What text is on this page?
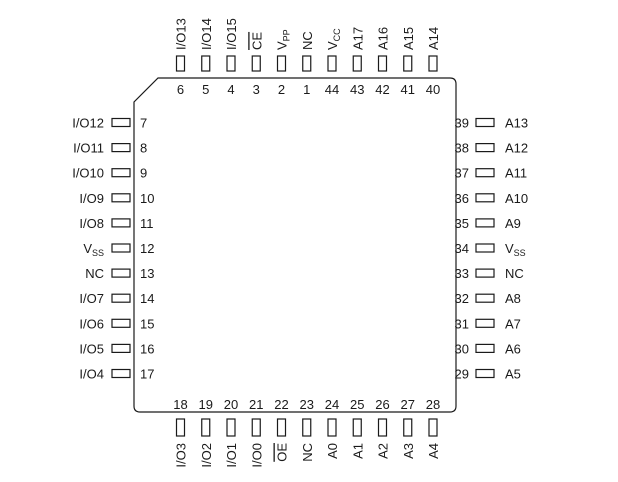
6
I/O13
5
I/O14
4
I/O15
3
CE
2
$V_{PP}$
1
NC
44
$V_{CC}$
43
A17
42
A16
41
A15
40
A14
18
I/O3
19
I/O2
20
I/O1
21
I/O0
22
OE
23
NC
24
A0
25
A1
26
A2
27
A3
28
A4
7
I/O12
8
I/O11
9
I/O10
10
I/O9
11
I/O8
12
$V_{SS}$
13
NC
14
I/O7
15
I/O6
16
I/O5
17
I/O4
39	A13
38	A12
37	A11
36	A10
35	A9
34	$V_{SS}$
33	NC
32	A8
31	A7
30	A6
29	A5
